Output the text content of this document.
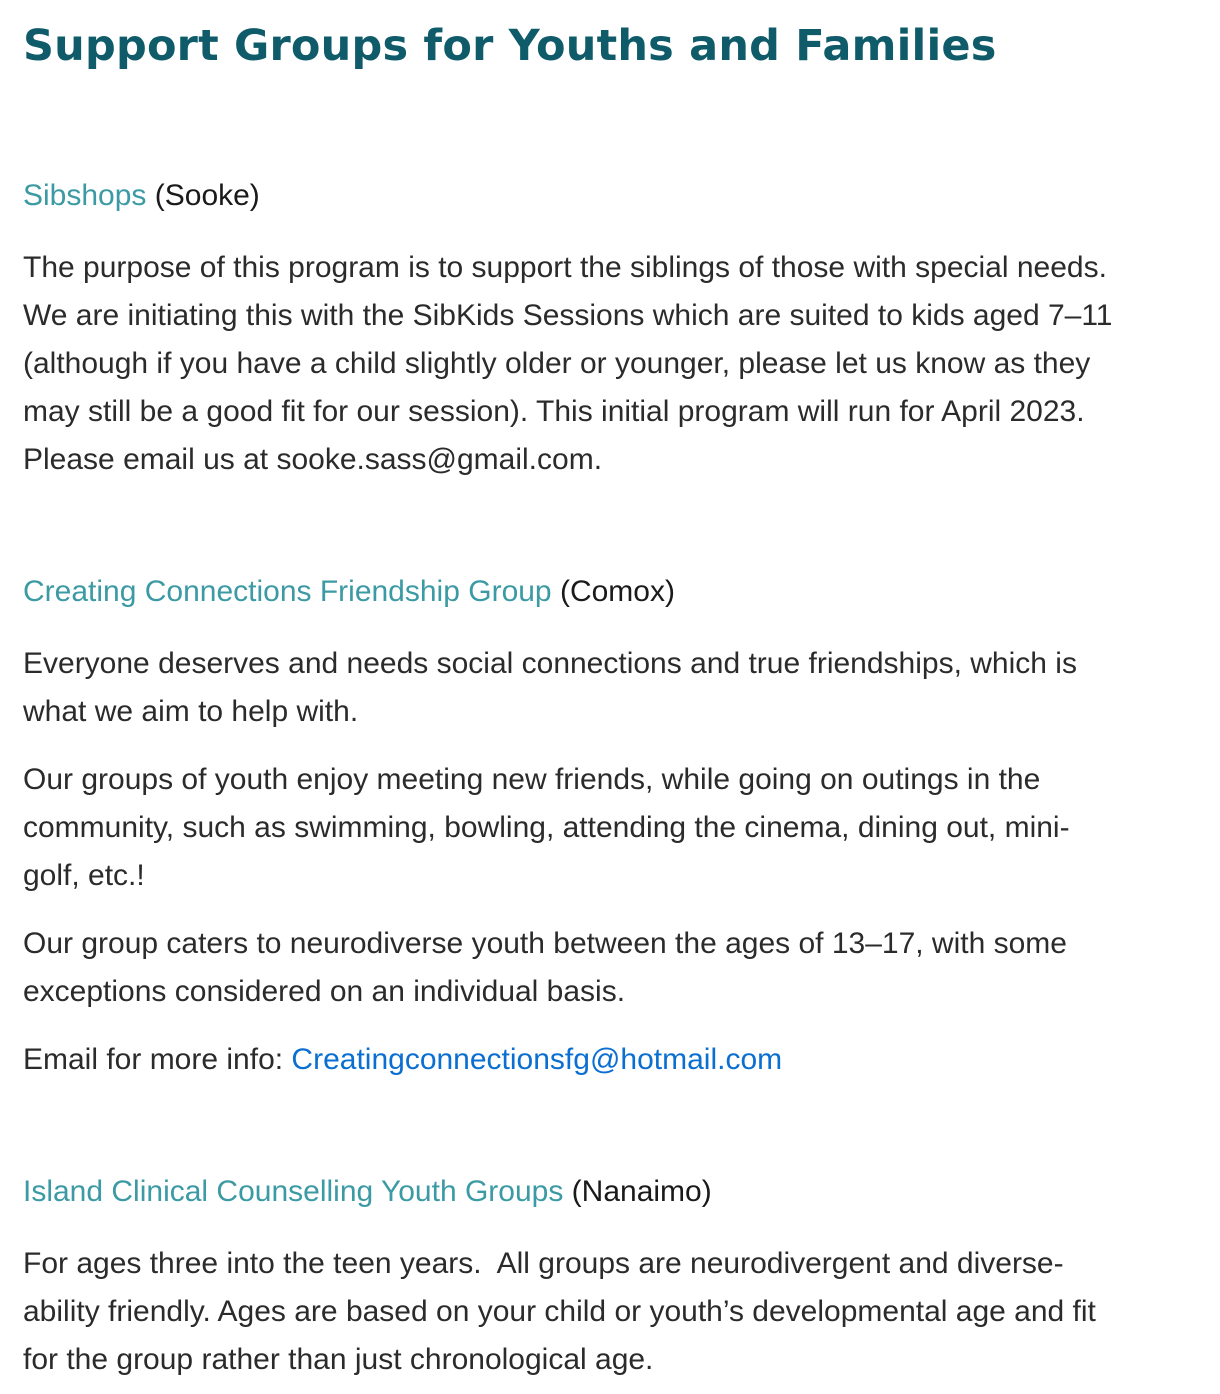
Support Groups for Youths and Families
Sibshops (Sooke)

The purpose of this program is to support the siblings of those with special needs. We are initiating this with the SibKids Sessions which are suited to kids aged 7–11 (although if you have a child slightly older or younger, please let us know as they may still be a good fit for our session). This initial program will run for April 2023.  Please email us at sooke.sass@gmail.com.

Creating Connections Friendship Group (Comox)

Everyone deserves and needs social connections and true friendships, which is what we aim to help with.

Our groups of youth enjoy meeting new friends, while going on outings in the community, such as swimming, bowling, attending the cinema, dining out, mini-golf, etc.!

Our group caters to neurodiverse youth between the ages of 13–17, with some exceptions considered on an individual basis.

Email for more info: Creatingconnectionsfg@hotmail.com

Island Clinical Counselling Youth Groups (Nanaimo)

For ages three into the teen years.  All groups are neurodivergent and diverse-ability friendly. Ages are based on your child or youth’s developmental age and fit for the group rather than just chronological age.
